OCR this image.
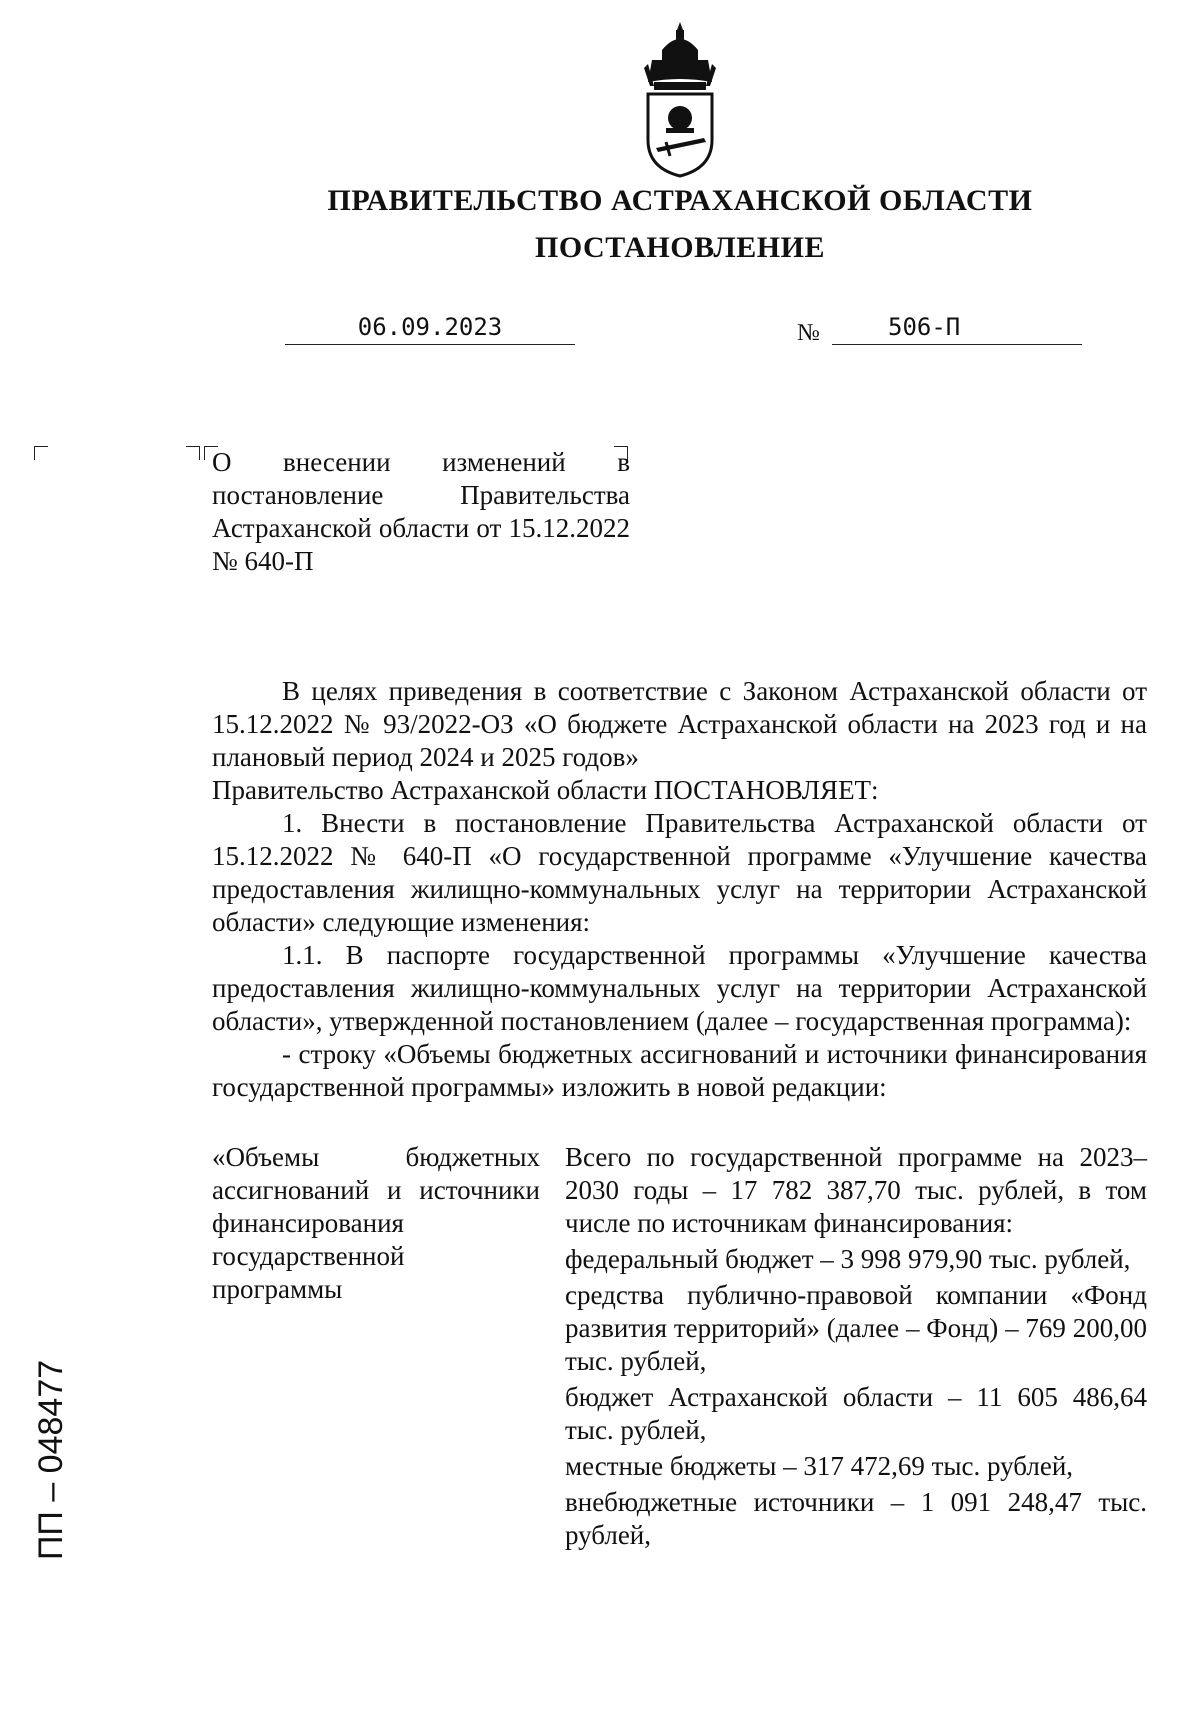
ПРАВИТЕЛЬСТВО АСТРАХАНСКОЙ ОБЛАСТИ
ПОСТАНОВЛЕНИЕ
06.09.2023	№	506-П

О внесении изменений в постановление Правительства Астраханской области от 15.12.2022 № 640-П

В целях приведения в соответствие с Законом Астраханской области от 15.12.2022 № 93/2022-ОЗ «О бюджете Астраханской области на 2023 год и на плановый период 2024 и 2025 годов»

Правительство Астраханской области ПОСТАНОВЛЯЕТ:

1. Внести в постановление Правительства Астраханской области от 15.12.2022 № 640-П «О государственной программе «Улучшение качества предоставления жилищно-коммунальных услуг на территории Астраханской области» следующие изменения:

1.1. В паспорте государственной программы «Улучшение качества предоставления жилищно-коммунальных услуг на территории Астраханской области», утвержденной постановлением (далее – государственная программа):

- строку «Объемы бюджетных ассигнований и источники финансирования государственной программы» изложить в новой редакции:

«Объемы бюджетных ассигнований и источники финансирования государственной программы

Всего по государственной программе на 2023–2030 годы – 17 782 387,70 тыс. рублей, в том числе по источникам финансирования:

федеральный бюджет – 3 998 979,90 тыс. рублей,

средства публично-правовой компании «Фонд развития территорий» (далее – Фонд) – 769 200,00 тыс. рублей,

бюджет Астраханской области – 11 605 486,64 тыс. рублей,

местные бюджеты – 317 472,69 тыс. рублей,

внебюджетные источники – 1 091 248,47 тыс. рублей,

ПП – 048477
